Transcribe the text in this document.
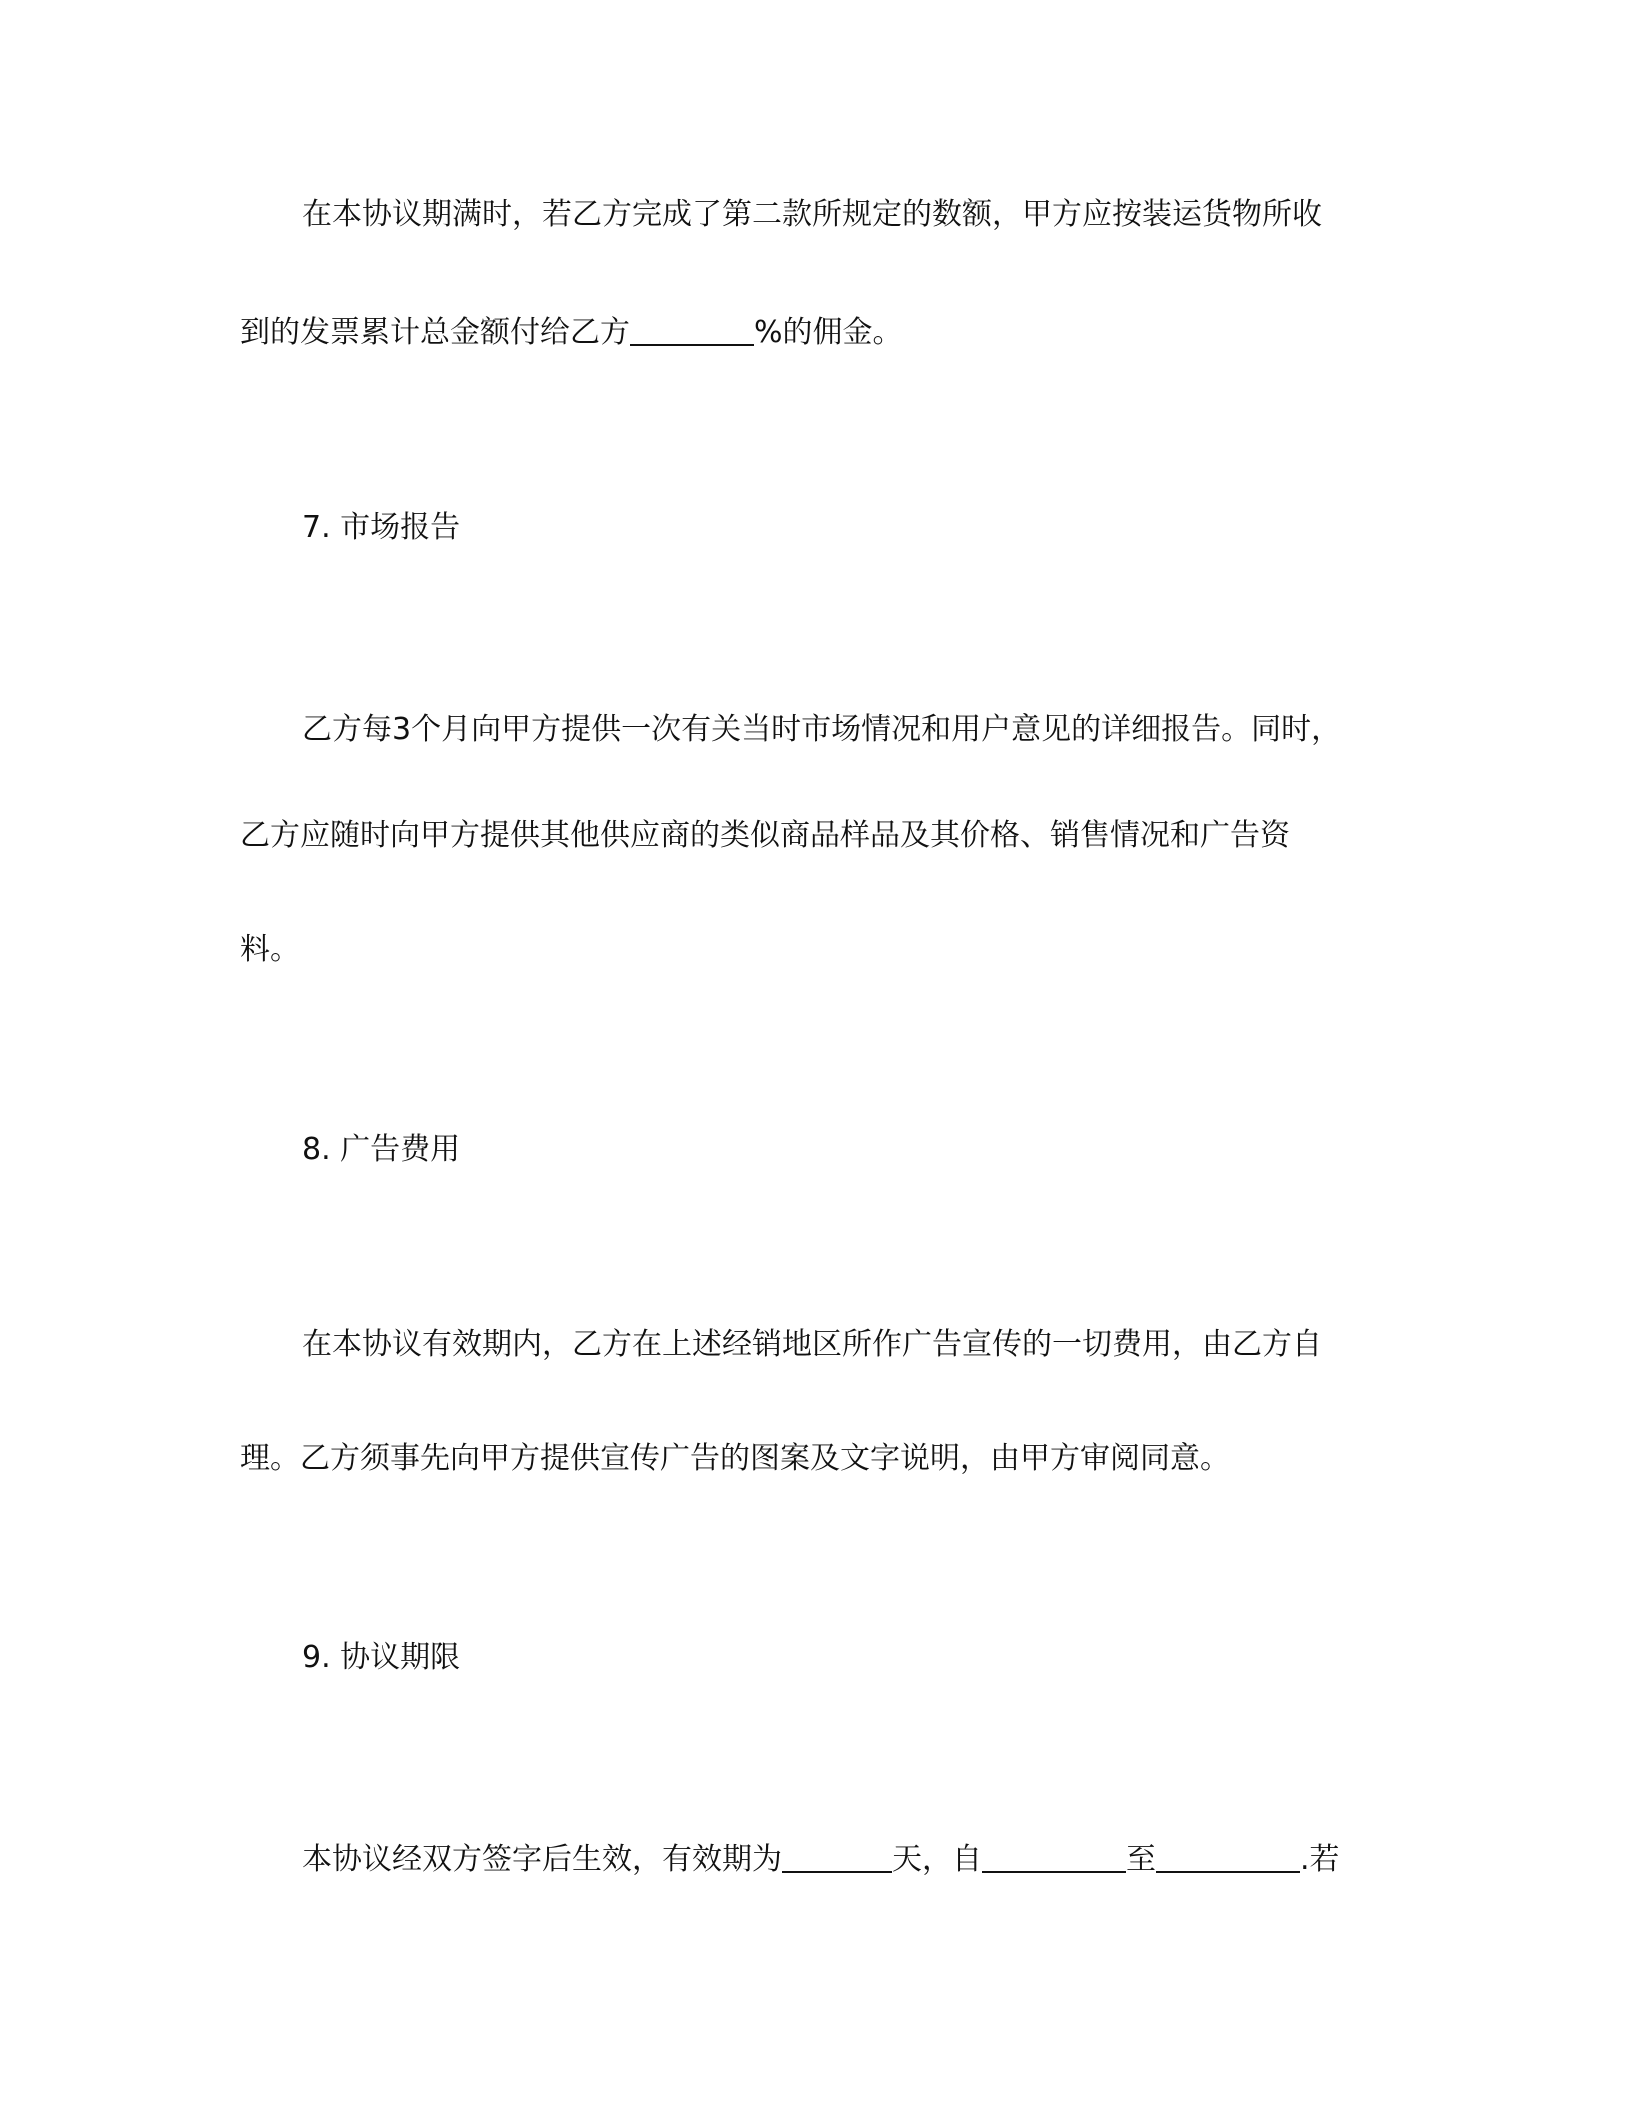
在本协议期满时，若乙方完成了第二款所规定的数额，甲方应按装运货物所收
到的发票累计总金额付给乙方	%的佣金。
7. 市场报告
乙方每3个月向甲方提供一次有关当时市场情况和用户意见的详细报告。同时，
乙方应随时向甲方提供其他供应商的类似商品样品及其价格、销售情况和广告资
料。
8. 广告费用
在本协议有效期内，乙方在上述经销地区所作广告宣传的一切费用，由乙方自
理。乙方须事先向甲方提供宣传广告的图案及文字说明，由甲方审阅同意。
9. 协议期限
本协议经双方签字后生效，有效期为	天，自	至	.若
